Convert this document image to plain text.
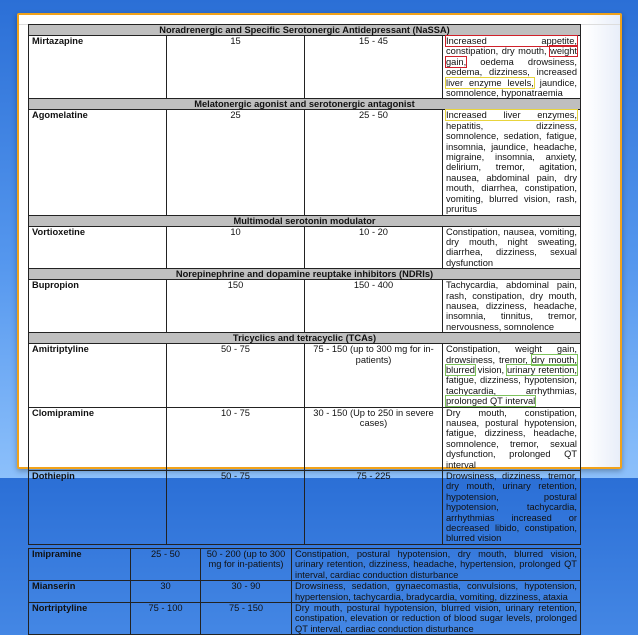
Noradrenergic and Specific Serotonergic Antidepressant (NaSSA)			
Mirtazapine	15	15 - 45	Increased appetite, constipation, dry mouth, weight gain, oedema drowsiness, oedema, dizziness, increased liver enzyme levels, jaundice, somnolence, hyponatraemia
Melatonergic agonist and serotonergic antagonist			
Agomelatine	25	25 - 50	Increased liver enzymes, hepatitis, dizziness, somnolence, sedation, fatigue, insomnia, jaundice, headache, migraine, insomnia, anxiety, delirium, tremor, agitation, nausea, abdominal pain, dry mouth, diarrhea, constipation, vomiting, blurred vision, rash, pruritus
Multimodal serotonin modulator			
Vortioxetine	10	10 - 20	Constipation, nausea, vomiting, dry mouth, night sweating, diarrhea, dizziness, sexual dysfunction
Norepinephrine and dopamine reuptake inhibitors (NDRIs)			
Bupropion	150	150 - 400	Tachycardia, abdominal pain, rash, constipation, dry mouth, nausea, dizziness, headache, insomnia, tinnitus, tremor, nervousness, somnolence
Tricyclics and tetracyclic (TCAs)			
Amitriptyline	50 - 75	75 - 150 (up to 300 mg for in-patients)	Constipation, weight gain, drowsiness, tremor, dry mouth, blurred vision, urinary retention, fatigue, dizziness, hypotension, tachycardia, arrhythmias, prolonged QT interval
Clomipramine	10 - 75	30 - 150 (Up to 250 in severe cases)	Dry mouth, constipation, nausea, postural hypotension, fatigue, dizziness, headache, somnolence, tremor, sexual dysfunction, prolonged QT interval
Dothiepin	50 - 75	75 - 225	Drowsiness, dizziness, tremor, dry mouth, urinary retention, hypotension, postural hypotension, tachycardia, arrhythmias increased or decreased libido, constipation, blurred vision
Imipramine	25 - 50	50 - 200 (up to 300 mg for in-patients)	Constipation, postural hypotension, dry mouth, blurred vision, urinary retention, dizziness, headache, hypertension, prolonged QT interval, cardiac conduction disturbance
Mianserin	30	30 - 90	Drowsiness, sedation, gynaecomastia, convulsions, hypotension, hypertension, tachycardia, bradycardia, vomiting, dizziness, ataxia
Nortriptyline	75 - 100	75 - 150	Dry mouth, postural hypotension, blurred vision, urinary retention, constipation, elevation or reduction of blood sugar levels, prolonged QT interval, cardiac conduction disturbance
